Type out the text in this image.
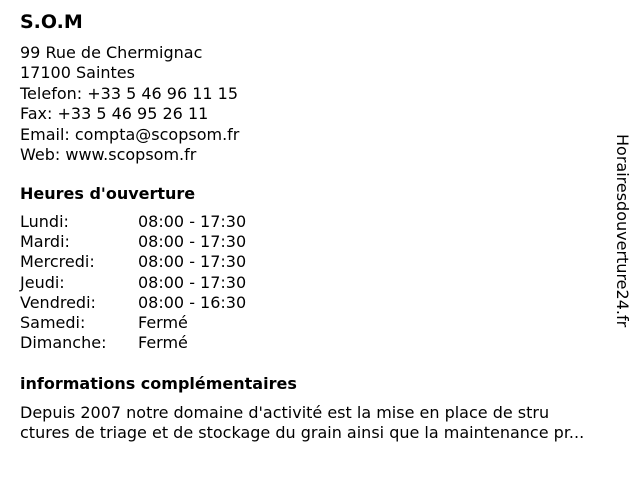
S.O.M
99 Rue de Chermignac
17100 Saintes
Telefon: +33 5 46 96 11 15
Fax: +33 5 46 95 26 11
Email: compta@scopsom.fr
Web: www.scopsom.fr
Heures d'ouverture
Lundi:	08:00 - 17:30
Mardi:	08:00 - 17:30
Mercredi:	08:00 - 17:30
Jeudi:	08:00 - 17:30
Vendredi:	08:00 - 16:30
Samedi:	Fermé
Dimanche:	Fermé
informations complémentaires
Depuis 2007 notre domaine d'activité est la mise en place de stru
ctures de triage et de stockage du grain ainsi que la maintenance pr...
Horairesdouverture24.fr
